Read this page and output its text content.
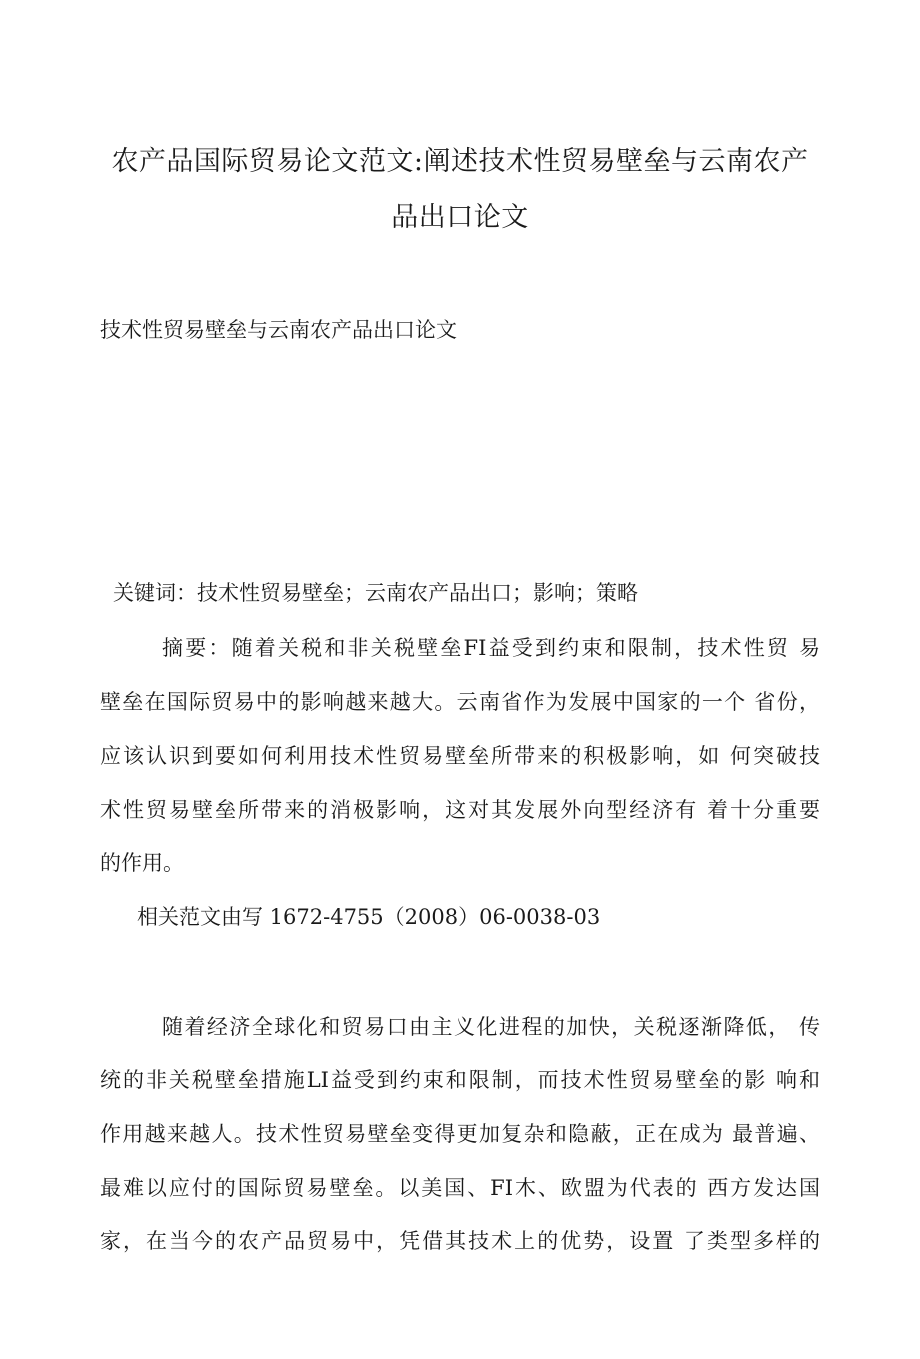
农产品国际贸易论文范文:阐述技术性贸易壁垒与云南农产
品出口论文
技术性贸易壁垒与云南农产品出口论文
关键词：技术性贸易壁垒；云南农产品出口；影响；策略
摘要：随着关税和非关税壁垒FI益受到约束和限制，技术性贸 易
壁垒在国际贸易中的影响越来越大。云南省作为发展中国家的一个 省份，
应该认识到要如何利用技术性贸易壁垒所带来的积极影响，如 何突破技
术性贸易壁垒所带来的消极影响，这对其发展外向型经济有 着十分重要
的作用。
相关范文由写 1672-4755（2008）06-0038-03
随着经济全球化和贸易口由主义化进程的加快，关税逐渐降低， 传
统的非关税壁垒措施LI益受到约束和限制，而技术性贸易壁垒的影 响和
作用越来越人。技术性贸易壁垒变得更加复杂和隐蔽，正在成为 最普遍、
最难以应付的国际贸易壁垒。以美国、FI木、欧盟为代表的 西方发达国
家，在当今的农产品贸易中，凭借其技术上的优势，设置 了类型多样的
